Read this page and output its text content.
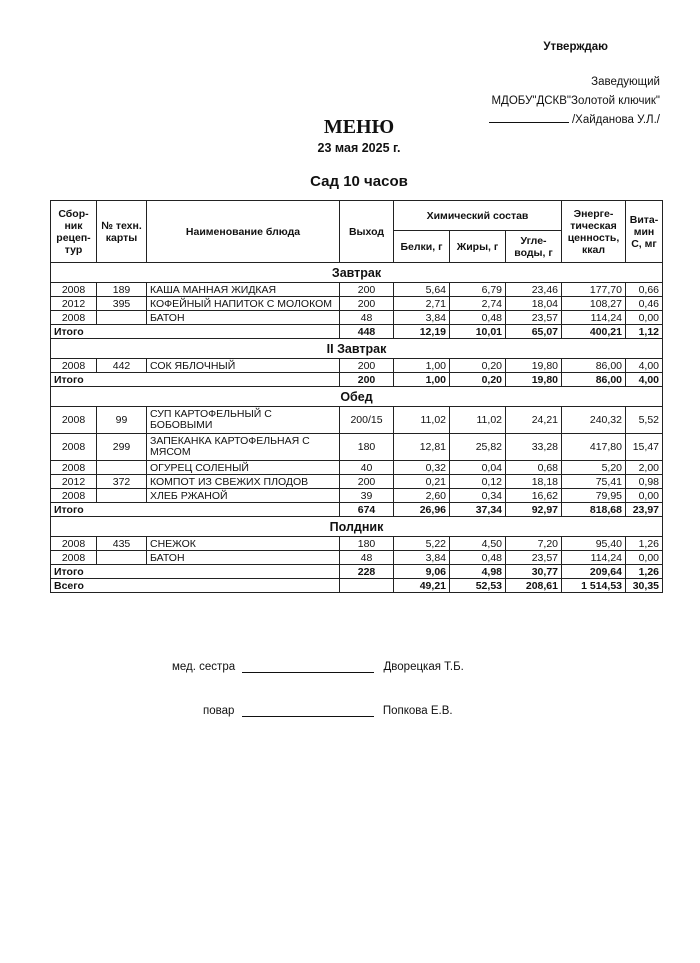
Утверждаю
Заведующий
МДОБУ"ДСКВ"Золотой ключик"
/Хайданова У.Л./
МЕНЮ
23 мая 2025 г.
Сад 10 часов
Сбор-ник рецеп-тур	№ техн. карты	Наименование блюда	Выход	Химический состав			Энерге-тическая ценность, ккал	Вита-мин C, мг
				Белки, г	Жиры, г	Угле-воды, г		
Завтрак								
2008	189	КАША МАННАЯ ЖИДКАЯ	200	5,64	6,79	23,46	177,70	0,66
2012	395	КОФЕЙНЫЙ НАПИТОК С МОЛОКОМ	200	2,71	2,74	18,04	108,27	0,46
2008		БАТОН	48	3,84	0,48	23,57	114,24	0,00
Итого			448	12,19	10,01	65,07	400,21	1,12
II Завтрак								
2008	442	СОК ЯБЛОЧНЫЙ	200	1,00	0,20	19,80	86,00	4,00
Итого			200	1,00	0,20	19,80	86,00	4,00
Обед								
2008	99	СУП КАРТОФЕЛЬНЫЙ С БОБОВЫМИ	200/15	11,02	11,02	24,21	240,32	5,52
2008	299	ЗАПЕКАНКА КАРТОФЕЛЬНАЯ С МЯСОМ	180	12,81	25,82	33,28	417,80	15,47
2008		ОГУРЕЦ СОЛЕНЫЙ	40	0,32	0,04	0,68	5,20	2,00
2012	372	КОМПОТ ИЗ СВЕЖИХ ПЛОДОВ	200	0,21	0,12	18,18	75,41	0,98
2008		ХЛЕБ РЖАНОЙ	39	2,60	0,34	16,62	79,95	0,00
Итого			674	26,96	37,34	92,97	818,68	23,97
Полдник								
2008	435	СНЕЖОК	180	5,22	4,50	7,20	95,40	1,26
2008		БАТОН	48	3,84	0,48	23,57	114,24	0,00
Итого			228	9,06	4,98	30,77	209,64	1,26
Всего				49,21	52,53	208,61	1 514,53	30,35
мед. сестра	Дворецкая Т.Б.
повар	Попкова Е.В.
